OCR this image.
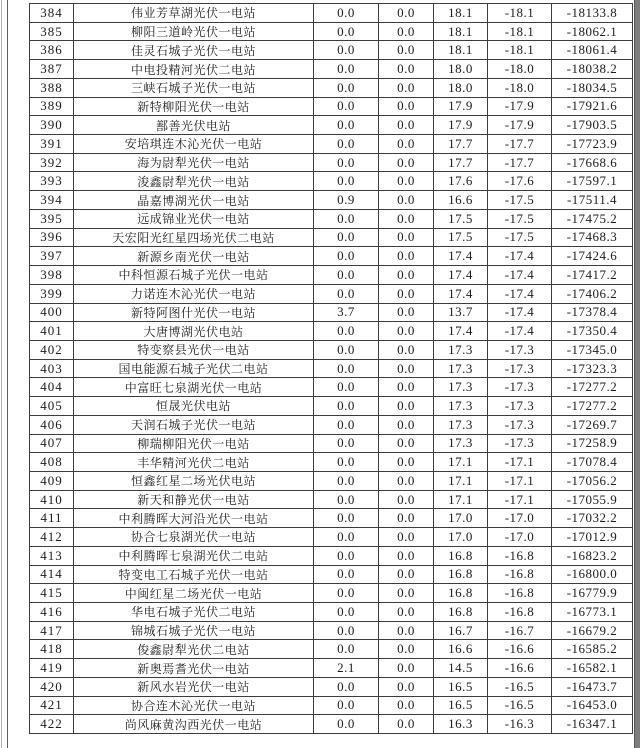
384	伟业芳草湖光伏一电站	0.0	0.0	18.1	-18.1	-18133.8
385	柳阳三道岭光伏一电站	0.0	0.0	18.1	-18.1	-18062.1
386	佳灵石城子光伏一电站	0.0	0.0	18.1	-18.1	-18061.4
387	中电投精河光伏二电站	0.0	0.0	18.0	-18.0	-18038.2
388	三峡石城子光伏一电站	0.0	0.0	18.0	-18.0	-18034.5
389	新特柳阳光伏一电站	0.0	0.0	17.9	-17.9	-17921.6
390	鄯善光伏电站	0.0	0.0	17.9	-17.9	-17903.5
391	安培琪连木沁光伏一电站	0.0	0.0	17.7	-17.7	-17723.9
392	海为尉犁光伏一电站	0.0	0.0	17.7	-17.7	-17668.6
393	浚鑫尉犁光伏一电站	0.0	0.0	17.6	-17.6	-17597.1
394	晶嘉博湖光伏一电站	0.9	0.0	16.6	-17.5	-17511.4
395	远成锦业光伏一电站	0.0	0.0	17.5	-17.5	-17475.2
396	天宏阳光红星四场光伏二电站	0.0	0.0	17.5	-17.5	-17468.3
397	新源乡南光伏一电站	0.0	0.0	17.4	-17.4	-17424.6
398	中科恒源石城子光伏一电站	0.0	0.0	17.4	-17.4	-17417.2
399	力诺连木沁光伏一电站	0.0	0.0	17.4	-17.4	-17406.2
400	新特阿图什光伏一电站	3.7	0.0	13.7	-17.4	-17378.4
401	大唐博湖光伏电站	0.0	0.0	17.4	-17.4	-17350.4
402	特变察县光伏一电站	0.0	0.0	17.3	-17.3	-17345.0
403	国电能源石城子光伏二电站	0.0	0.0	17.3	-17.3	-17323.3
404	中富旺七泉湖光伏一电站	0.0	0.0	17.3	-17.3	-17277.2
405	恒晟光伏电站	0.0	0.0	17.3	-17.3	-17277.2
406	天润石城子光伏一电站	0.0	0.0	17.3	-17.3	-17269.7
407	柳瑞柳阳光伏一电站	0.0	0.0	17.3	-17.3	-17258.9
408	丰华精河光伏二电站	0.0	0.0	17.1	-17.1	-17078.4
409	恒鑫红星二场光伏电站	0.0	0.0	17.1	-17.1	-17056.2
410	新天和静光伏一电站	0.0	0.0	17.1	-17.1	-17055.9
411	中利腾晖大河沿光伏一电站	0.0	0.0	17.0	-17.0	-17032.2
412	协合七泉湖光伏一电站	0.0	0.0	17.0	-17.0	-17012.9
413	中利腾晖七泉湖光伏二电站	0.0	0.0	16.8	-16.8	-16823.2
414	特变电工石城子光伏一电站	0.0	0.0	16.8	-16.8	-16800.0
415	中闽红星二场光伏一电站	0.0	0.0	16.8	-16.8	-16779.9
416	华电石城子光伏二电站	0.0	0.0	16.8	-16.8	-16773.1
417	锦城石城子光伏一电站	0.0	0.0	16.7	-16.7	-16679.2
418	俊鑫尉犁光伏二电站	0.0	0.0	16.6	-16.6	-16585.2
419	新奥焉耆光伏一电站	2.1	0.0	14.5	-16.6	-16582.1
420	新风水岩光伏一电站	0.0	0.0	16.5	-16.5	-16473.7
421	协合连木沁光伏一电站	0.0	0.0	16.5	-16.5	-16453.0
422	尚风麻黄沟西光伏一电站	0.0	0.0	16.3	-16.3	-16347.1
